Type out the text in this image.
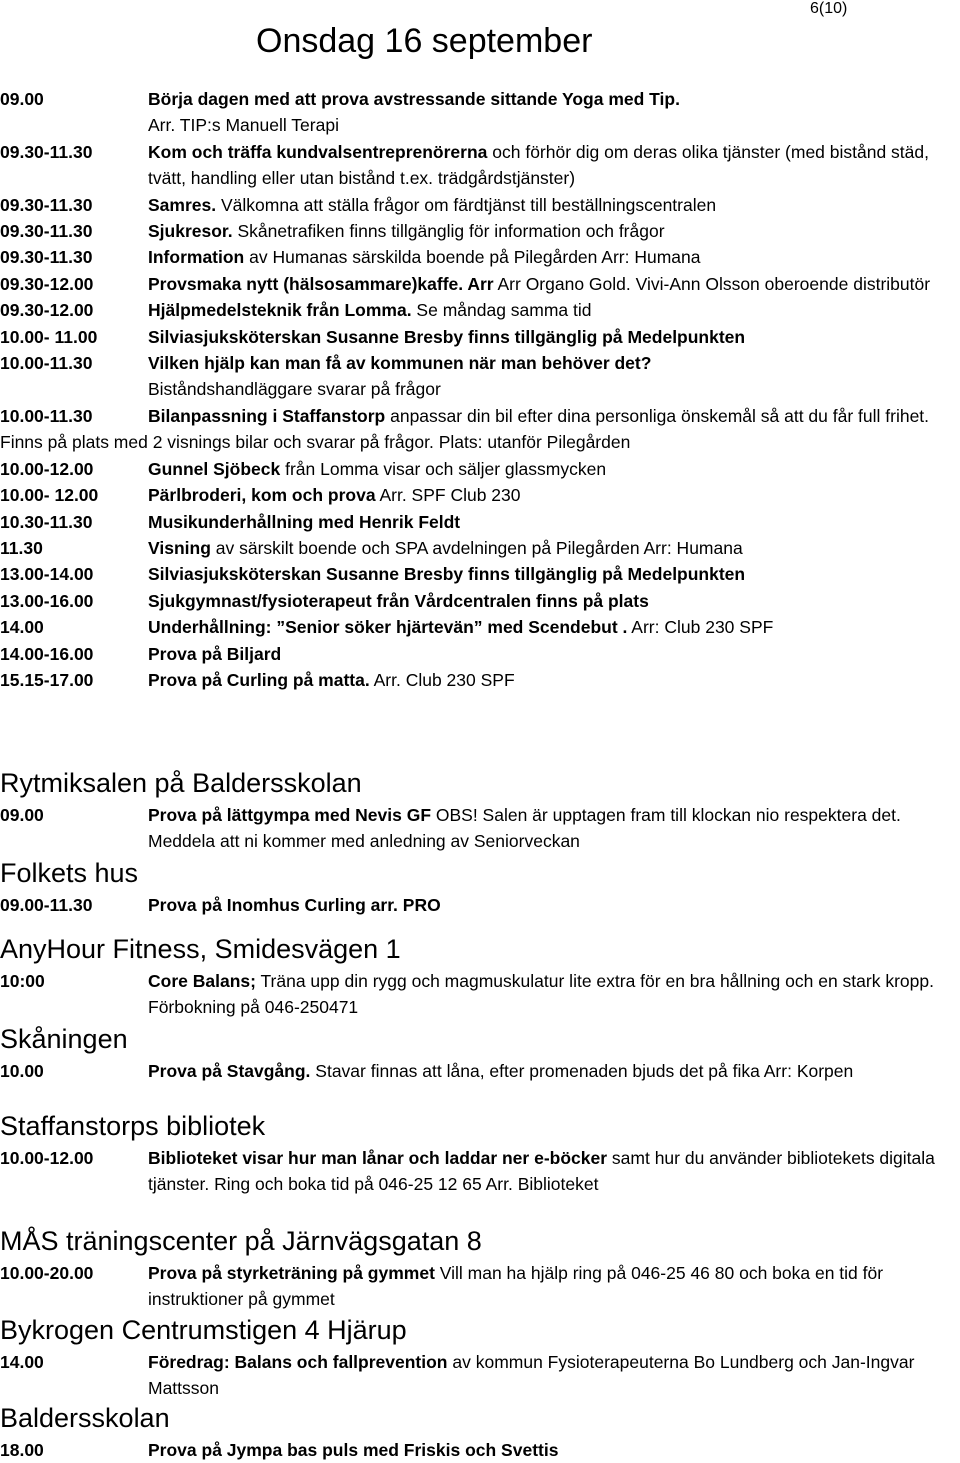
6(10)
Onsdag 16 september
09.00	Börja dagen med att prova avstressande sittande Yoga med Tip.
Arr. TIP:s Manuell Terapi
09.30-11.30	Kom och träffa kundvalsentreprenörerna och förhör dig om deras olika tjänster (med bistånd städ, tvätt, handling eller utan bistånd t.ex. trädgårdstjänster)
09.30-11.30	Samres. Välkomna att ställa frågor om färdtjänst till beställningscentralen
09.30-11.30	Sjukresor. Skånetrafiken finns tillgänglig för information och frågor
09.30-11.30	Information av Humanas särskilda boende på Pilegården Arr: Humana
09.30-12.00	Provsmaka nytt (hälsosammare)kaffe. Arr Arr Organo Gold. Vivi-Ann Olsson oberoende distributör
09.30-12.00	Hjälpmedelsteknik från Lomma. Se måndag samma tid
10.00- 11.00	Silviasjuksköterskan Susanne Bresby finns tillgänglig på Medelpunkten
10.00-11.30	Vilken hjälp kan man få av kommunen när man behöver det?
Biståndshandläggare svarar på frågor
10.00-11.30	Bilanpassning i Staffanstorp anpassar din bil efter dina personliga önskemål så att du får full frihet. Finns på plats med 2 visnings bilar och svarar på frågor. Plats: utanför Pilegården
10.00-12.00	Gunnel Sjöbeck från Lomma visar och säljer glassmycken
10.00- 12.00	Pärlbroderi, kom och prova Arr. SPF Club 230
10.30-11.30	Musikunderhållning med Henrik Feldt
11.30	Visning av särskilt boende och SPA avdelningen på Pilegården Arr: Humana
13.00-14.00	Silviasjuksköterskan Susanne Bresby finns tillgänglig på Medelpunkten
13.00-16.00	Sjukgymnast/fysioterapeut från Vårdcentralen finns på plats
14.00	Underhållning: ”Senior söker hjärtevän” med Scendebut . Arr: Club 230 SPF
14.00-16.00	Prova på Biljard
15.15-17.00	Prova på Curling på matta. Arr. Club 230 SPF
Rytmiksalen på Baldersskolan
09.00	Prova på lättgympa med Nevis GF OBS! Salen är upptagen fram till klockan nio respektera det. Meddela att ni kommer med anledning av Seniorveckan
Folkets hus
09.00-11.30	Prova på Inomhus Curling arr. PRO
AnyHour Fitness, Smidesvägen 1
10:00	Core Balans; Träna upp din rygg och magmuskulatur lite extra för en bra hållning och en stark kropp. Förbokning på 046-250471
Skåningen
10.00	Prova på Stavgång. Stavar finnas att låna, efter promenaden bjuds det på fika Arr: Korpen
Staffanstorps bibliotek
10.00-12.00	Biblioteket visar hur man lånar och laddar ner e-böcker samt hur du använder bibliotekets digitala tjänster. Ring och boka tid på 046-25 12 65 Arr. Biblioteket
MÅS träningscenter på Järnvägsgatan 8
10.00-20.00	Prova på styrketräning på gymmet Vill man ha hjälp ring på 046-25 46 80 och boka en tid för instruktioner på gymmet
Bykrogen Centrumstigen 4 Hjärup
14.00	Föredrag: Balans och fallprevention av kommun Fysioterapeuterna Bo Lundberg och Jan-Ingvar Mattsson
Baldersskolan
18.00	Prova på Jympa bas puls med Friskis och Svettis
